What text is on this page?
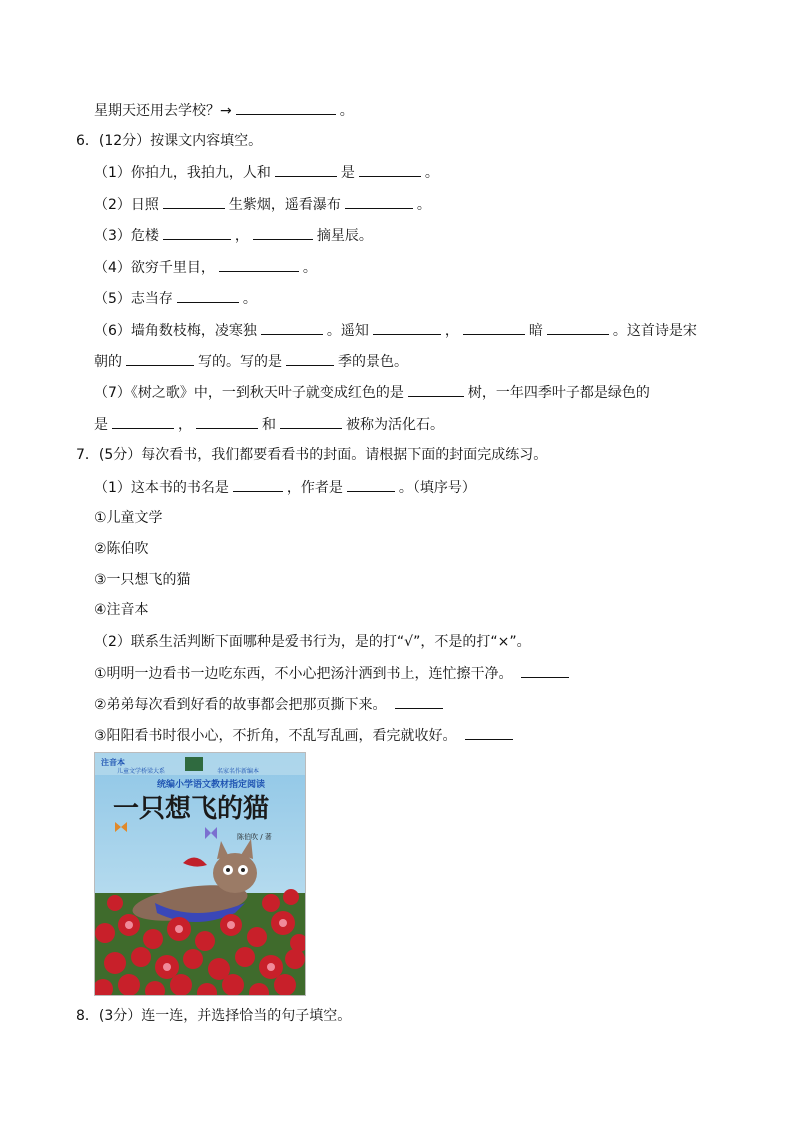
星期天还用去学校？→	。
6．(12分）按课文内容填空。
（1）你拍九，我拍九，人和	是	。
（2）日照	生紫烟，遥看瀑布	。
（3）危楼	，	摘星辰。
（4）欲穷千里目，	。
（5）志当存	。
（6）墙角数枝梅，凌寒独	。遥知	，	暗	。这首诗是宋
朝的	写的。写的是	季的景色。
（7）《树之歌》中，一到秋天叶子就变成红色的是	树，一年四季叶子都是绿色的
是	，	和	被称为活化石。
7．(5分）每次看书，我们都要看看书的封面。请根据下面的封面完成练习。
（1）这本书的书名是	，作者是	。（填序号）
①儿童文学
②陈伯吹
③一只想飞的猫
④注音本
（2）联系生活判断下面哪种是爱书行为，是的打“√”，不是的打“×”。
①明明一边看书一边吃东西，不小心把汤汁洒到书上，连忙擦干净。
②弟弟每次看到好看的故事都会把那页撕下来。
③阳阳看书时很小心，不折角，不乱写乱画，看完就收好。
注音本
儿童文学桥梁大系	名家名作新编本
统编小学语文教材指定阅读
一只想飞的猫
陈伯吹 / 著
8．(3分）连一连，并选择恰当的句子填空。
